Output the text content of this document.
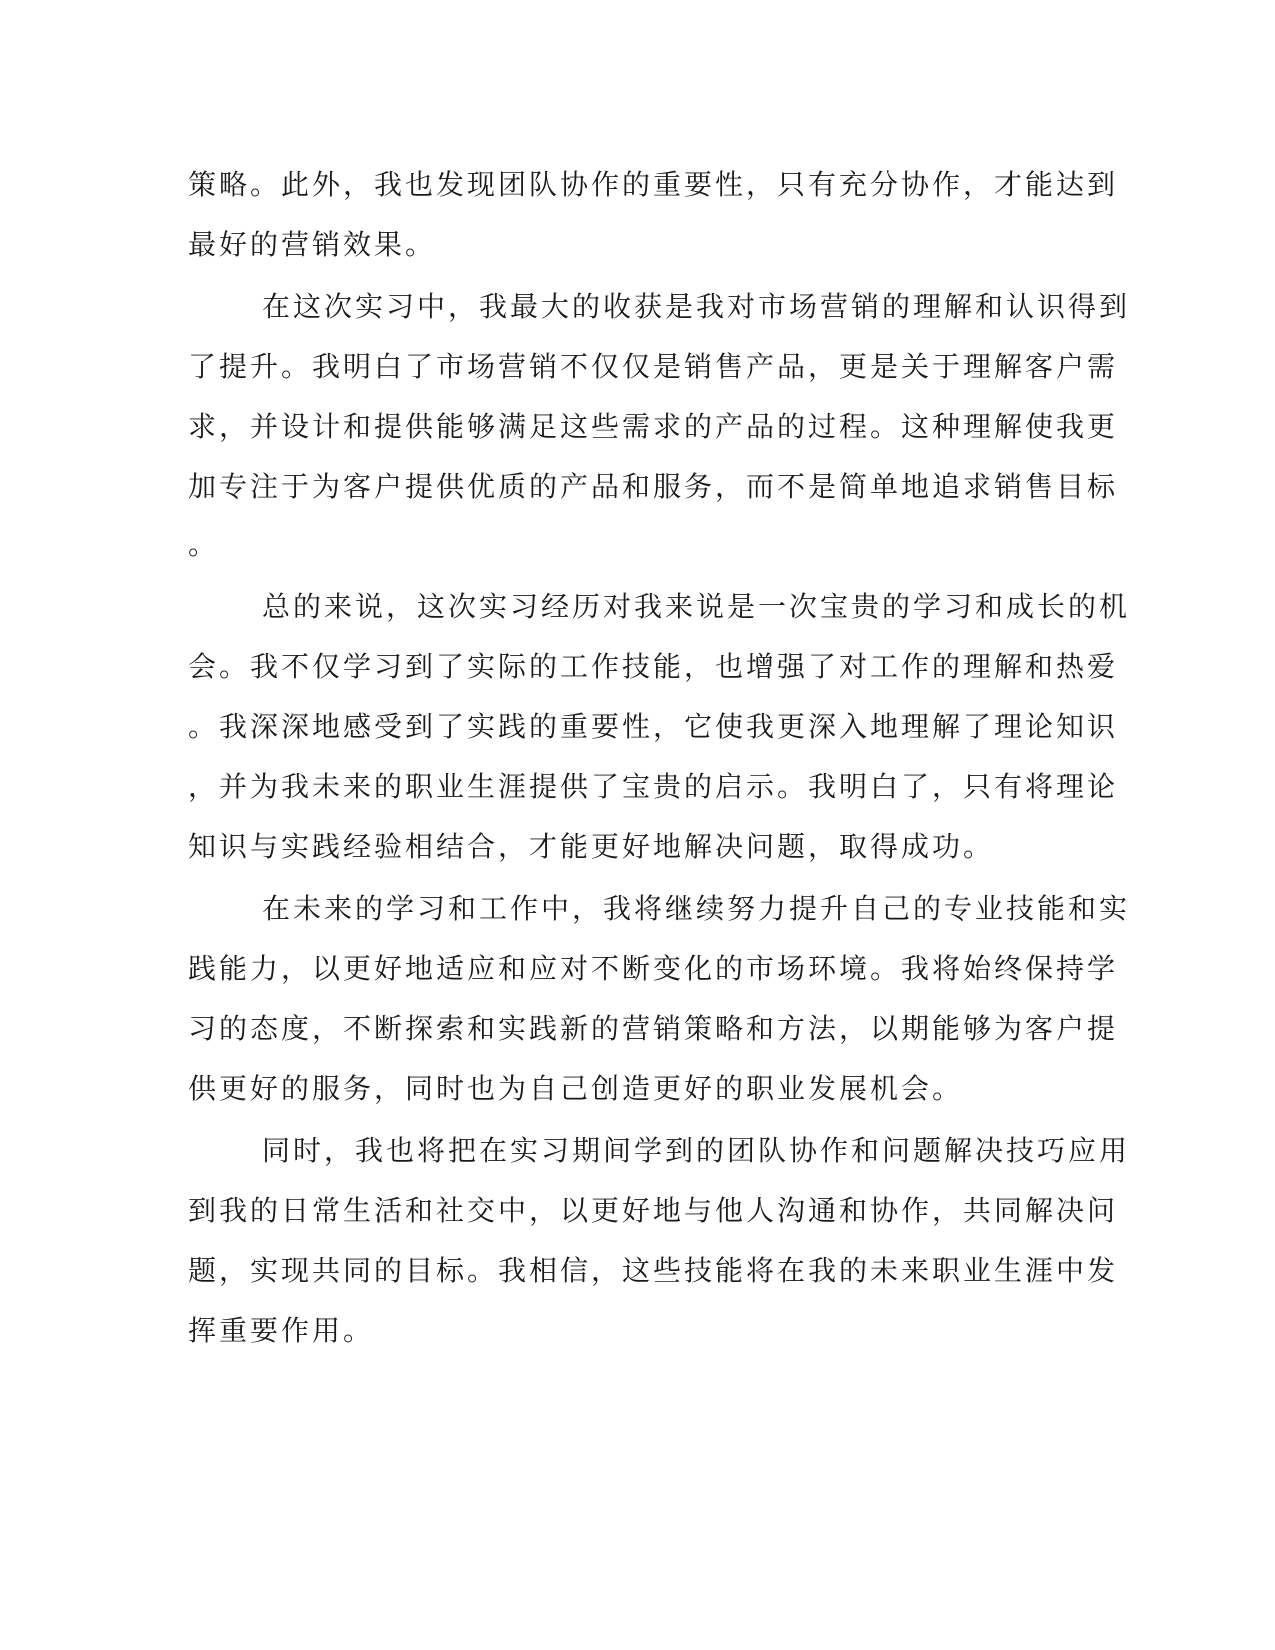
策略。此外，我也发现团队协作的重要性，只有充分协作，才能达到
最好的营销效果。
在这次实习中，我最大的收获是我对市场营销的理解和认识得到
了提升。我明白了市场营销不仅仅是销售产品，更是关于理解客户需
求，并设计和提供能够满足这些需求的产品的过程。这种理解使我更
加专注于为客户提供优质的产品和服务，而不是简单地追求销售目标
。
总的来说，这次实习经历对我来说是一次宝贵的学习和成长的机
会。我不仅学习到了实际的工作技能，也增强了对工作的理解和热爱
。我深深地感受到了实践的重要性，它使我更深入地理解了理论知识
，并为我未来的职业生涯提供了宝贵的启示。我明白了，只有将理论
知识与实践经验相结合，才能更好地解决问题，取得成功。
在未来的学习和工作中，我将继续努力提升自己的专业技能和实
践能力，以更好地适应和应对不断变化的市场环境。我将始终保持学
习的态度，不断探索和实践新的营销策略和方法，以期能够为客户提
供更好的服务，同时也为自己创造更好的职业发展机会。
同时，我也将把在实习期间学到的团队协作和问题解决技巧应用
到我的日常生活和社交中，以更好地与他人沟通和协作，共同解决问
题，实现共同的目标。我相信，这些技能将在我的未来职业生涯中发
挥重要作用。
